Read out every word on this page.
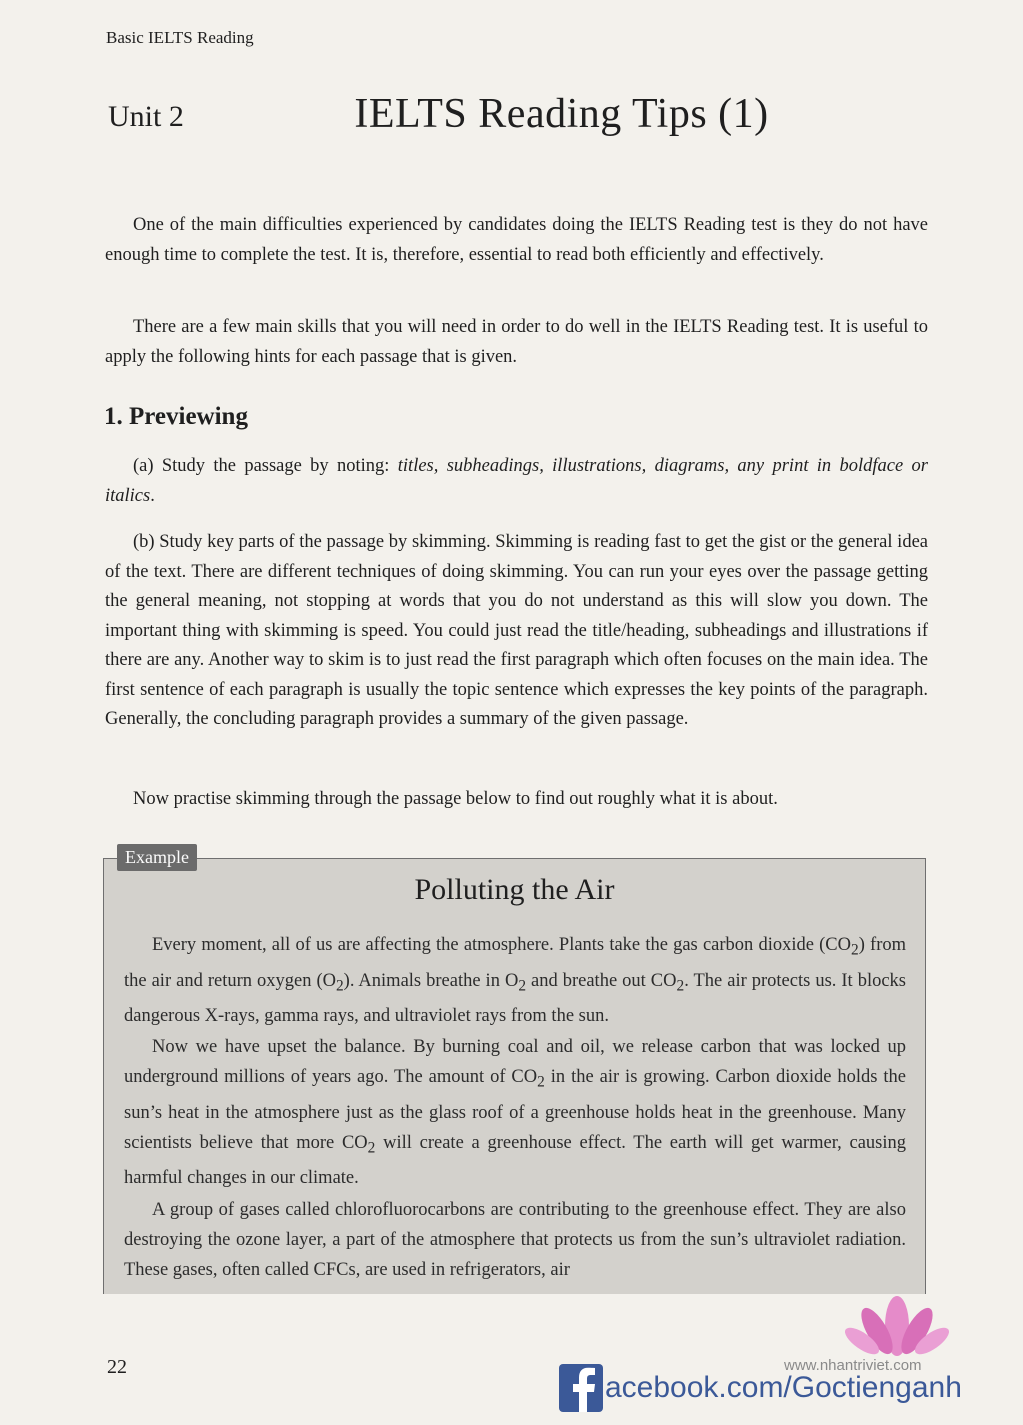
Basic IELTS Reading
Unit 2	IELTS Reading Tips (1)
One of the main difficulties experienced by candidates doing the IELTS Reading test is they do not have enough time to complete the test. It is, therefore, essential to read both efficiently and effectively.
There are a few main skills that you will need in order to do well in the IELTS Reading test. It is useful to apply the following hints for each passage that is given.
1. Previewing
(a) Study the passage by noting: titles, subheadings, illustrations, diagrams, any print in boldface or italics.
(b) Study key parts of the passage by skimming. Skimming is reading fast to get the gist or the general idea of the text. There are different techniques of doing skimming. You can run your eyes over the passage getting the general meaning, not stopping at words that you do not understand as this will slow you down. The important thing with skimming is speed. You could just read the title/heading, subheadings and illustrations if there are any. Another way to skim is to just read the first paragraph which often focuses on the main idea. The first sentence of each paragraph is usually the topic sentence which expresses the key points of the paragraph. Generally, the concluding paragraph provides a summary of the given passage.
Now practise skimming through the passage below to find out roughly what it is about.
Polluting the Air
Every moment, all of us are affecting the atmosphere. Plants take the gas carbon dioxide $(CO_2)$ from the air and return oxygen $(O_2)$. Animals breathe in $O_2$ and breathe out $CO_2$. The air protects us. It blocks dangerous X-rays, gamma rays, and ultraviolet rays from the sun.
Now we have upset the balance. By burning coal and oil, we release carbon that was locked up underground millions of years ago. The amount of $CO_2$ in the air is growing. Carbon dioxide holds the sun’s heat in the atmosphere just as the glass roof of a greenhouse holds heat in the greenhouse. Many scientists believe that more $CO_2$ will create a greenhouse effect. The earth will get warmer, causing harmful changes in our climate.
A group of gases called chlorofluorocarbons are contributing to the greenhouse effect. They are also destroying the ozone layer, a part of the atmosphere that protects us from the sun’s ultraviolet radiation. These gases, often called CFCs, are used in refrigerators, air
Example
22	www.nhantriviet.com
acebook.com/Goctienganh
